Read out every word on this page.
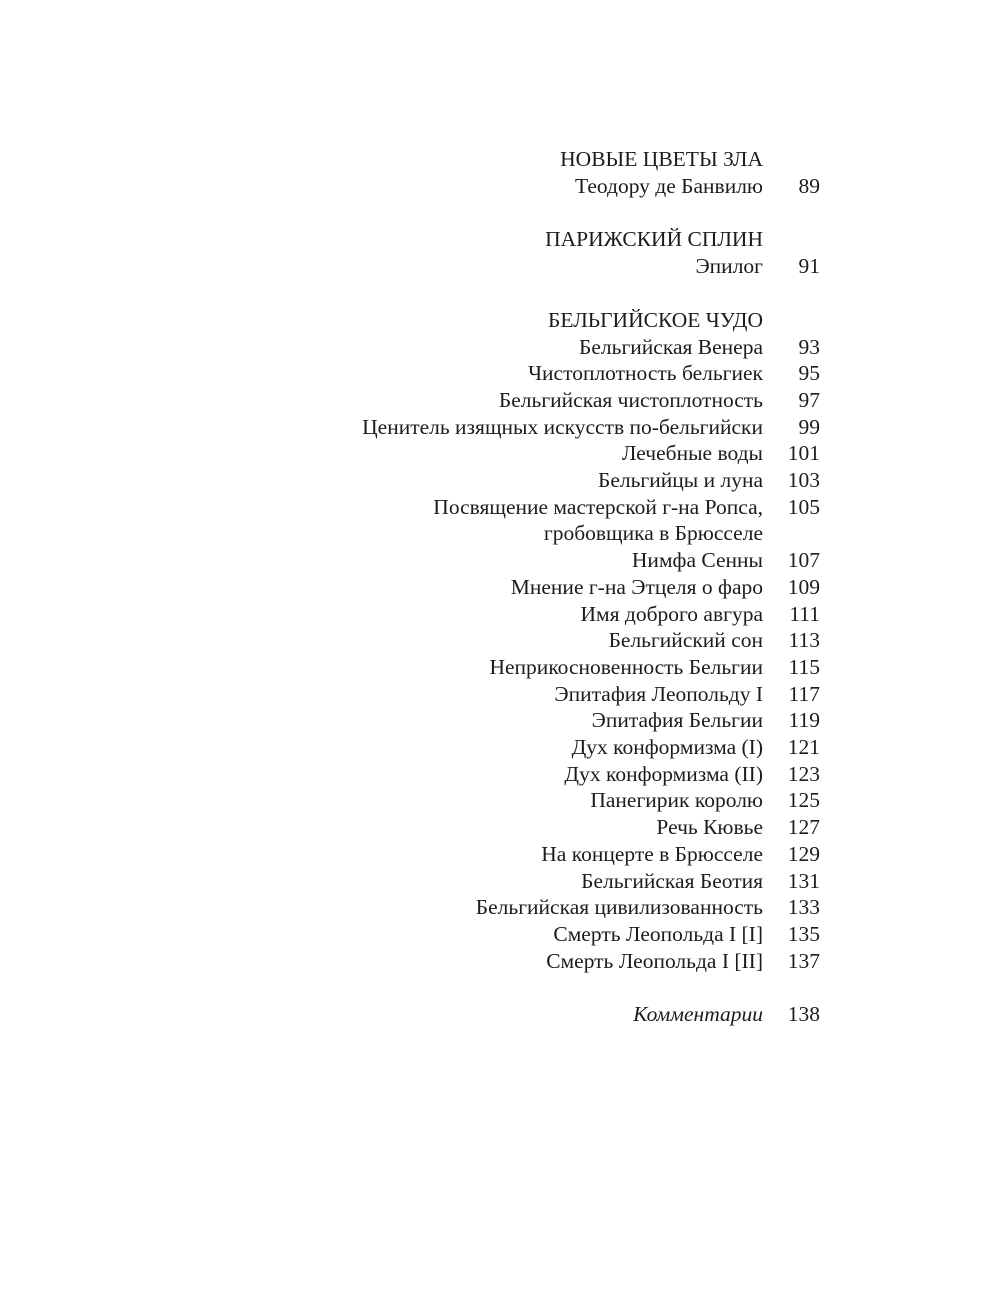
НОВЫЕ ЦВЕТЫ ЗЛА
Теодору де Банвилю	89
ПАРИЖСКИЙ СПЛИН
Эпилог	91
БЕЛЬГИЙСКОЕ ЧУДО
Бельгийская Венера	93
Чистоплотность бельгиек	95
Бельгийская чистоплотность	97
Ценитель изящных искусств по-бельгийски	99
Лечебные воды	101
Бельгийцы и луна	103
Посвящение мастерской г-на Ропса,	105
гробовщика в Брюсселе
Нимфа Сенны	107
Мнение г-на Этцеля о фаро	109
Имя доброго авгура	111
Бельгийский сон	113
Неприкосновенность Бельгии	115
Эпитафия Леопольду I	117
Эпитафия Бельгии	119
Дух конформизма (I)	121
Дух конформизма (II)	123
Панегирик королю	125
Речь Кювье	127
На концерте в Брюсселе	129
Бельгийская Беотия	131
Бельгийская цивилизованность	133
Смерть Леопольда I [I]	135
Смерть Леопольда I [II]	137
Комментарии	138
